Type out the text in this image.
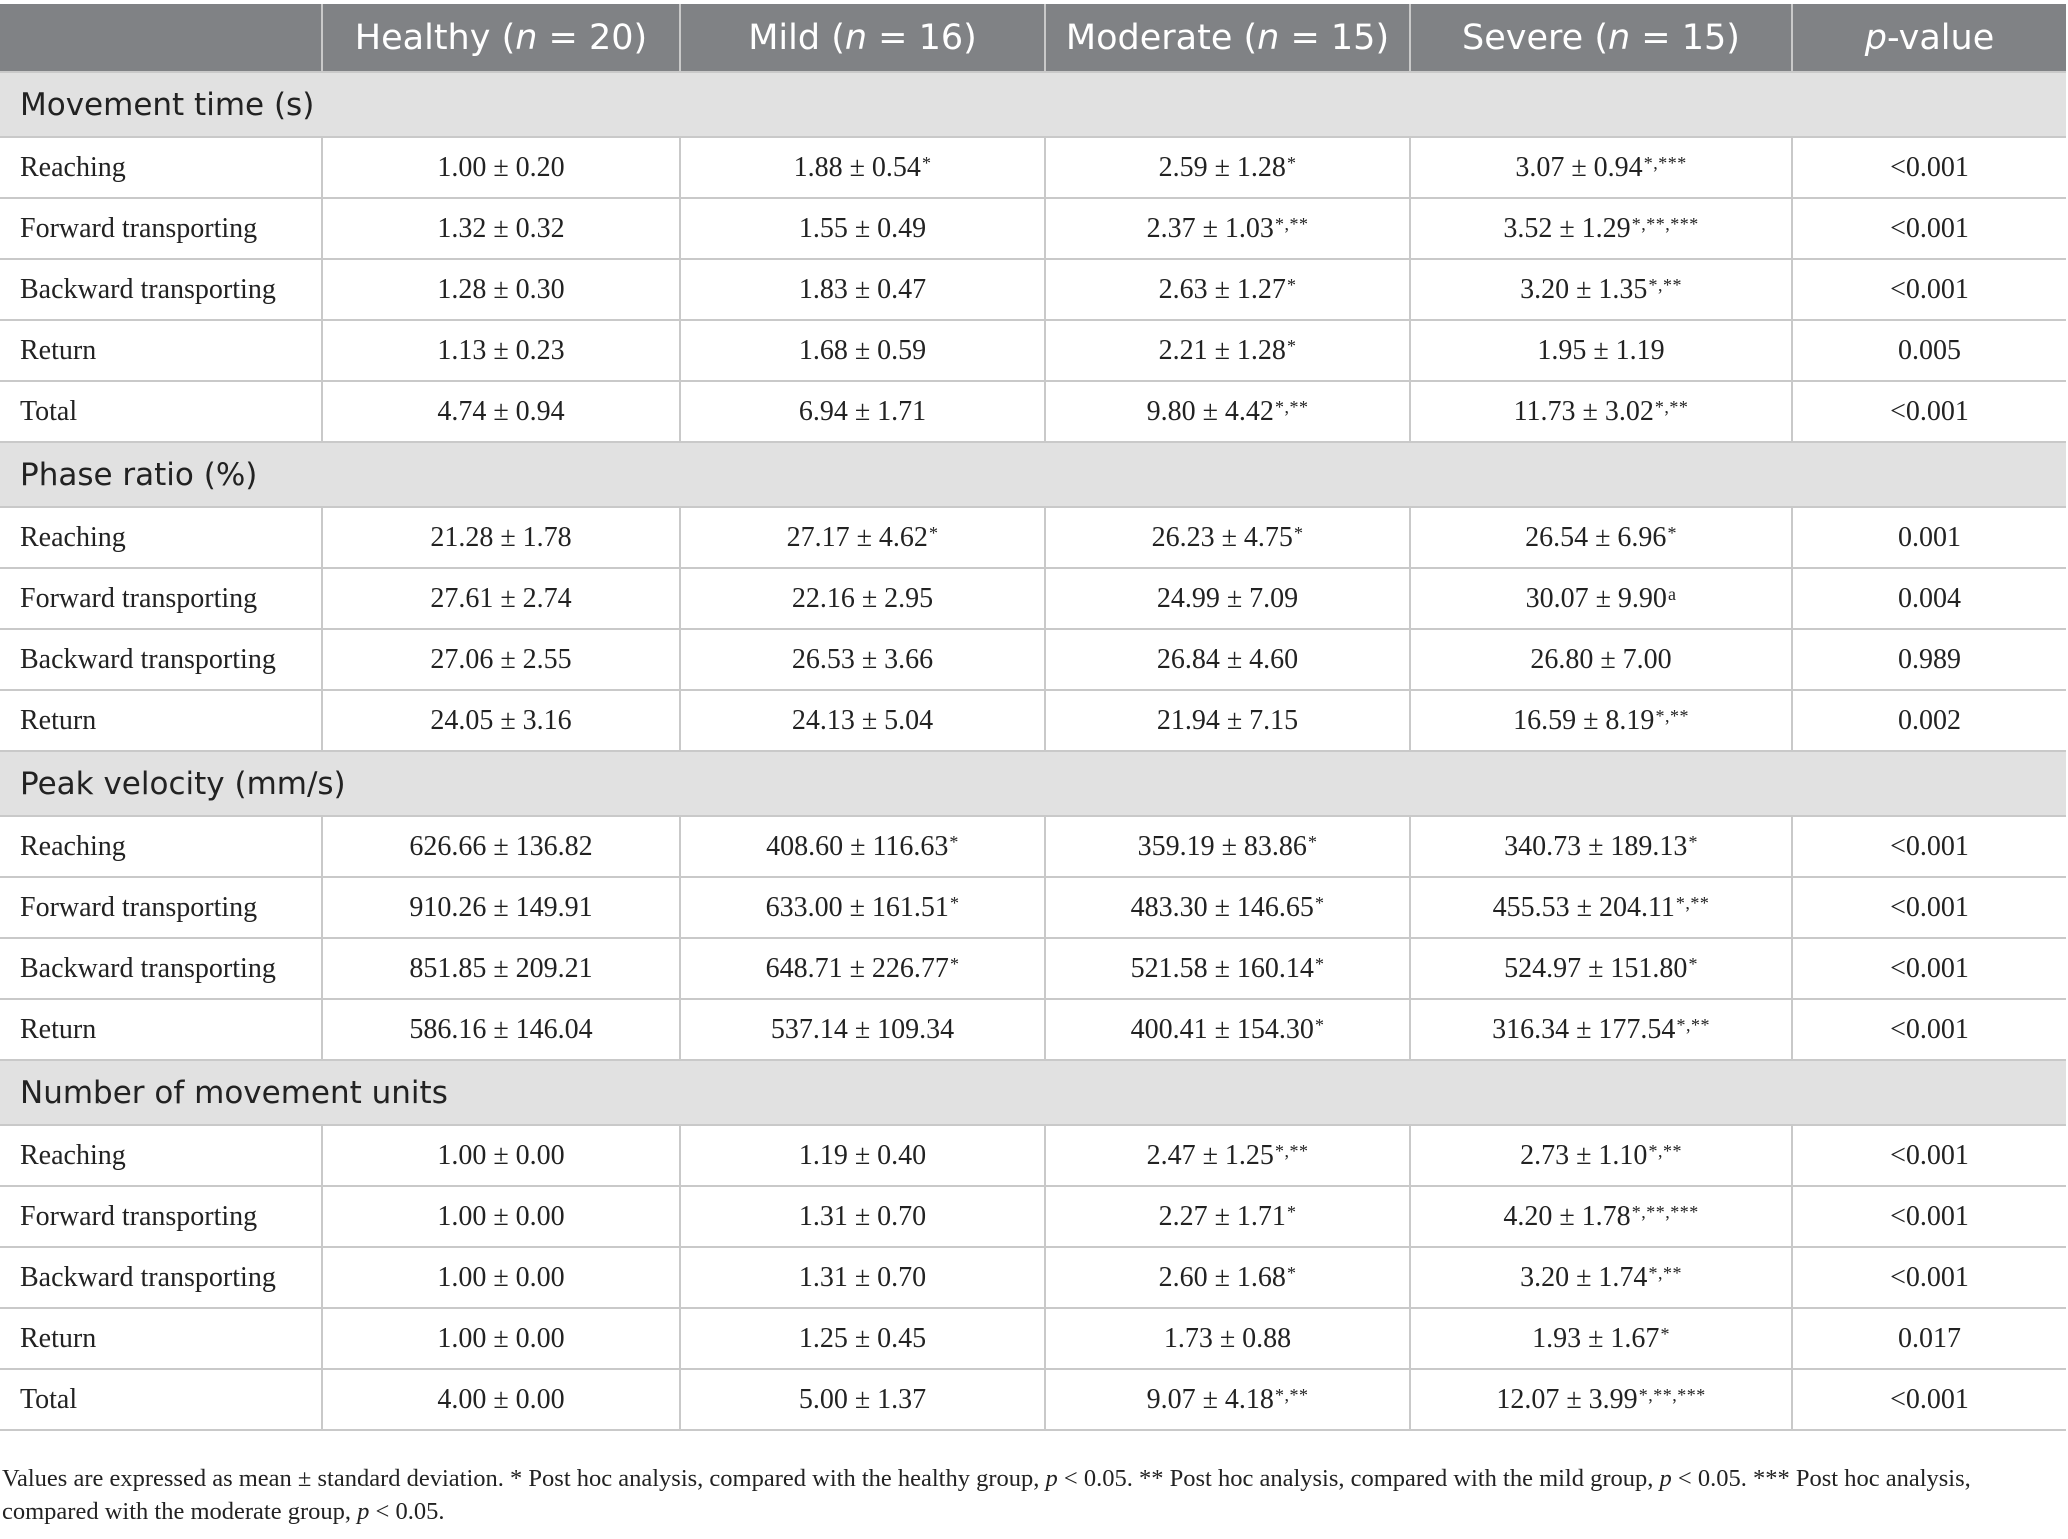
	Healthy (n = 20)	Mild (n = 16)	Moderate (n = 15)	Severe (n = 15)	p-value
Movement time (s)					
Reaching	1.00 ± 0.20	1.88 ± 0.54*	2.59 ± 1.28*	3.07 ± 0.94*,***	<0.001
Forward transporting	1.32 ± 0.32	1.55 ± 0.49	2.37 ± 1.03*,**	3.52 ± 1.29*,**,***	<0.001
Backward transporting	1.28 ± 0.30	1.83 ± 0.47	2.63 ± 1.27*	3.20 ± 1.35*,**	<0.001
Return	1.13 ± 0.23	1.68 ± 0.59	2.21 ± 1.28*	1.95 ± 1.19	0.005
Total	4.74 ± 0.94	6.94 ± 1.71	9.80 ± 4.42*,**	11.73 ± 3.02*,**	<0.001
Phase ratio (%)					
Reaching	21.28 ± 1.78	27.17 ± 4.62*	26.23 ± 4.75*	26.54 ± 6.96*	0.001
Forward transporting	27.61 ± 2.74	22.16 ± 2.95	24.99 ± 7.09	30.07 ± 9.90$^a$	0.004
Backward transporting	27.06 ± 2.55	26.53 ± 3.66	26.84 ± 4.60	26.80 ± 7.00	0.989
Return	24.05 ± 3.16	24.13 ± 5.04	21.94 ± 7.15	16.59 ± 8.19*,**	0.002
Peak velocity (mm/s)					
Reaching	626.66 ± 136.82	408.60 ± 116.63*	359.19 ± 83.86*	340.73 ± 189.13*	<0.001
Forward transporting	910.26 ± 149.91	633.00 ± 161.51*	483.30 ± 146.65*	455.53 ± 204.11*,**	<0.001
Backward transporting	851.85 ± 209.21	648.71 ± 226.77*	521.58 ± 160.14*	524.97 ± 151.80*	<0.001
Return	586.16 ± 146.04	537.14 ± 109.34	400.41 ± 154.30*	316.34 ± 177.54*,**	<0.001
Number of movement units					
Reaching	1.00 ± 0.00	1.19 ± 0.40	2.47 ± 1.25*,**	2.73 ± 1.10*,**	<0.001
Forward transporting	1.00 ± 0.00	1.31 ± 0.70	2.27 ± 1.71*	4.20 ± 1.78*,**,***	<0.001
Backward transporting	1.00 ± 0.00	1.31 ± 0.70	2.60 ± 1.68*	3.20 ± 1.74*,**	<0.001
Return	1.00 ± 0.00	1.25 ± 0.45	1.73 ± 0.88	1.93 ± 1.67*	0.017
Total	4.00 ± 0.00	5.00 ± 1.37	9.07 ± 4.18*,**	12.07 ± 3.99*,**,***	<0.001

Values are expressed as mean ± standard deviation. * Post hoc analysis, compared with the healthy group, p < 0.05. ** Post hoc analysis, compared with the mild group, p < 0.05. *** Post hoc analysis, compared with the moderate group, p < 0.05.
